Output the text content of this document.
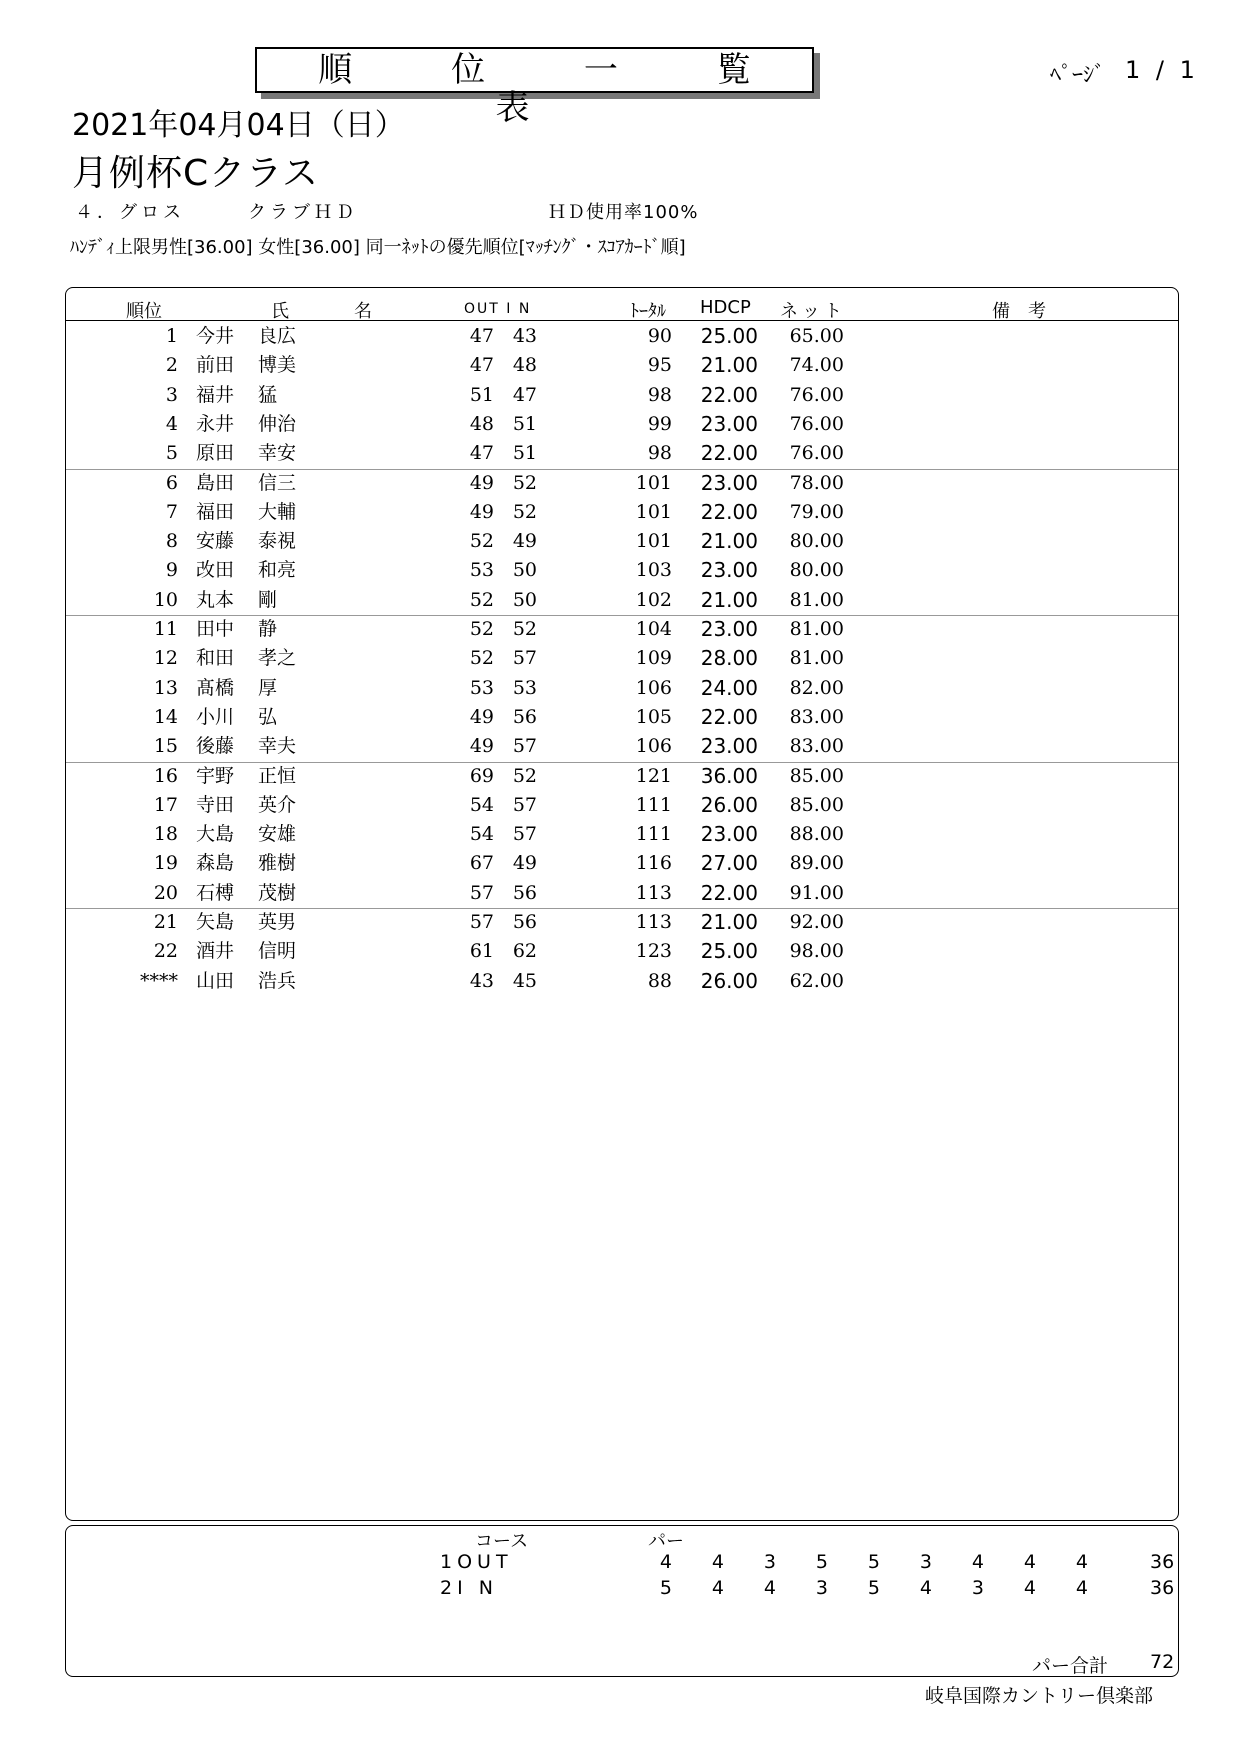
順 位 一 覧 表
ﾍﾟｰｼﾞ 1 / 1
2021年04月04日（日）
月例杯Cクラス
４．グロス	クラブＨＤ	ＨＤ使用率100%
ﾊﾝﾃﾞｨ上限男性[36.00] 女性[36.00] 同一ﾈｯﾄの優先順位[ﾏｯﾁﾝｸﾞ・ｽｺｱｶｰﾄﾞ順]
順位	氏	名	OUT I N	ﾄｰﾀﾙ HDCP ネット	備　考
1 今井 良広	47 43	90	25.00	65.00
2 前田 博美	47 48	95	21.00	74.00
3 福井 猛	51 47	98	22.00	76.00
4 永井 伸治	48 51	99	23.00	76.00
5 原田 幸安	47 51	98	22.00	76.00
6 島田 信三	49 52	101	23.00	78.00
7 福田 大輔	49 52	101	22.00	79.00
8 安藤 泰視	52 49	101	21.00	80.00
9 改田 和亮	53 50	103	23.00	80.00
10 丸本 剛	52 50	102	21.00	81.00
11 田中 静	52 52	104	23.00	81.00
12 和田 孝之	52 57	109	28.00	81.00
13 髙橋 厚	53 53	106	24.00	82.00
14 小川 弘	49 56	105	22.00	83.00
15 後藤 幸夫	49 57	106	23.00	83.00
16 宇野 正恒	69 52	121	36.00	85.00
17 寺田 英介	54 57	111	26.00	85.00
18 大島 安雄	54 57	111	23.00	88.00
19 森島 雅樹	67 49	116	27.00	89.00
20 石榑 茂樹	57 56	113	22.00	91.00
21 矢島 英男	57 56	113	21.00	92.00
22 酒井 信明	61 62	123	25.00	98.00
**** 山田 浩兵	43 45	88	26.00	62.00
コース	パー
1OUT	4	4	3	5	5	3	4	4	4	36
2I N	5	4	4	3	5	4	3	4	4	36
パー合計 72
岐阜国際カントリー倶楽部
